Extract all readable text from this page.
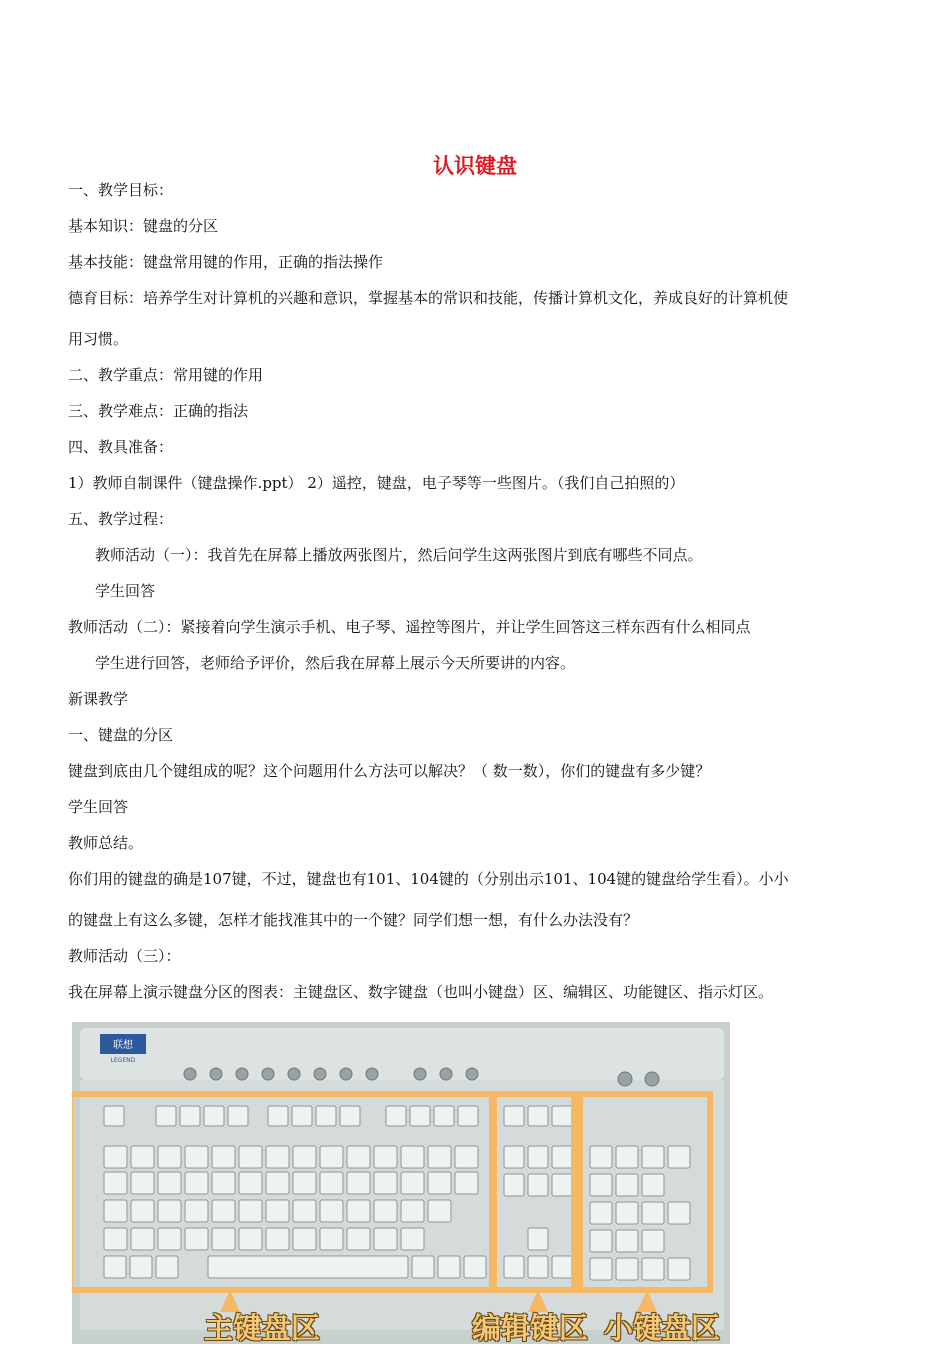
认识键盘
一、教学目标：
基本知识：键盘的分区
基本技能：键盘常用键的作用，正确的指法操作
德育目标：培养学生对计算机的兴趣和意识，掌握基本的常识和技能，传播计算机文化，养成良好的计算机使
用习惯。
二、教学重点：常用键的作用
三、教学难点：正确的指法
四、教具准备：
1）教师自制课件（键盘操作.ppt） 2）遥控，键盘，电子琴等一些图片。（我们自己拍照的）
五、教学过程：
教师活动（一）：我首先在屏幕上播放两张图片，然后问学生这两张图片到底有哪些不同点。
学生回答
教师活动（二）：紧接着向学生演示手机、电子琴、遥控等图片，并让学生回答这三样东西有什么相同点
学生进行回答，老师给予评价，然后我在屏幕上展示今天所要讲的内容。
新课教学
一、键盘的分区
键盘到底由几个键组成的呢？这个问题用什么方法可以解决？（ 数一数），你们的键盘有多少键？
学生回答
教师总结。
你们用的键盘的确是107键，不过，键盘也有101、104键的（分别出示101、104键的键盘给学生看）。小小
的键盘上有这么多键，怎样才能找准其中的一个键？同学们想一想，有什么办法没有？
教师活动（三）：
我在屏幕上演示键盘分区的图表：主键盘区、数字键盘（也叫小键盘）区、编辑区、功能键区、指示灯区。
联想
LEGEND
主键盘区	编辑键区 小键盘区
